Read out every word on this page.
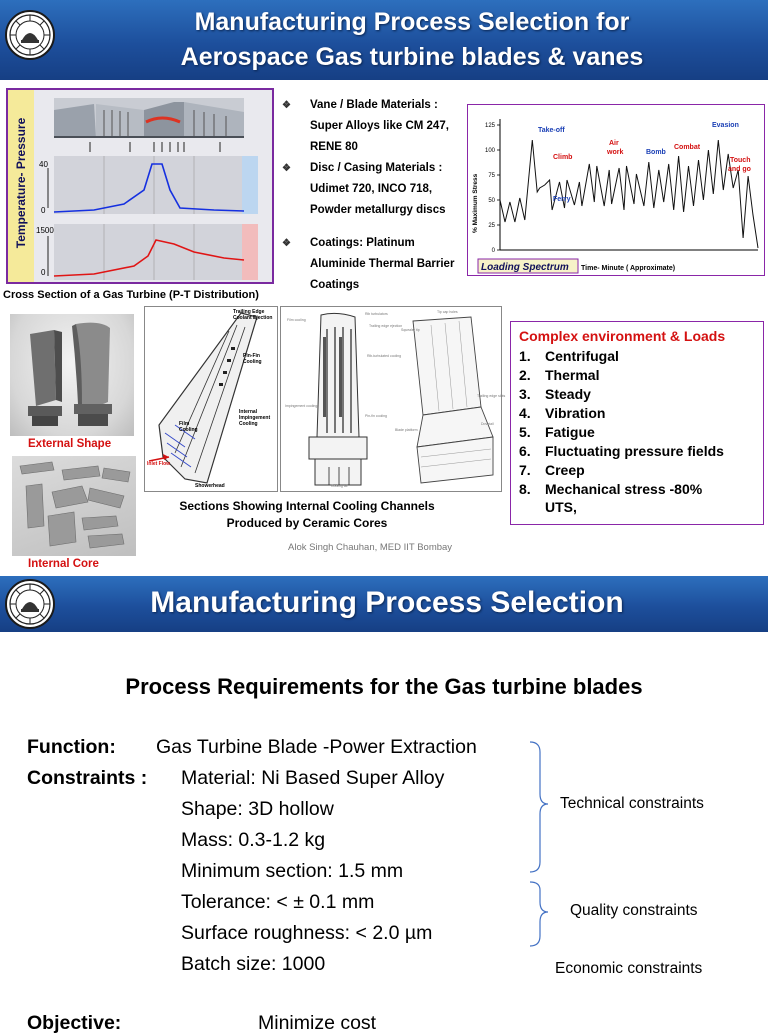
Manufacturing Process Selection for
Aerospace Gas turbine blades & vanes
Temperature- Pressure	40
0
1500
0
Cross Section of a Gas Turbine (P-T Distribution)
❖ Vane / Blade Materials :
Super Alloys like CM 247,
RENE 80
❖ Disc / Casing Materials :
Udimet 720, INCO 718,
Powder metallurgy discs
❖ Coatings: Platinum
Aluminide Thermal Barrier
Coatings
% Maximum Stress
125
100
75
50
25
0
Take-off
Climb
Ferry
Air
work	Bomb
Combat
Evasion
Touch
and go
Loading Spectrum Time- Minute ( Approximate)
External Shape
Internal Core
Trailing Edge Coolant Ejection
Pin-Fin Cooling
Internal Impingement Cooling
Film Cooling
Inlet Flow
Showerhead
Film cooling
Rib turbulators
Trailing edge ejection
Rib-turbulated cooling
Impingement cooling
Pin-fin cooling
Cooling air
Tip cap holes
Squealer tip
Trailing edge slots
Blade platform
Dovetail
Sections Showing Internal Cooling Channels
Produced by Ceramic Cores
Complex environment & Loads
1. Centrifugal
2. Thermal
3. Steady
4. Vibration
5. Fatigue
6. Fluctuating pressure fields
7. Creep
8. Mechanical stress -80%
UTS,
Alok Singh Chauhan, MED IIT Bombay
Manufacturing Process Selection
Process Requirements for the Gas turbine blades
Function: Gas Turbine Blade -Power Extraction
Constraints : Material: Ni Based Super Alloy
Shape: 3D hollow
Mass: 0.3-1.2 kg
Minimum section: 1.5 mm
Tolerance: < ± 0.1 mm
Surface roughness: < 2.0 µm
Batch size: 1000
Technical constraints
Quality constraints
Economic constraints
Objective:	Minimize cost
